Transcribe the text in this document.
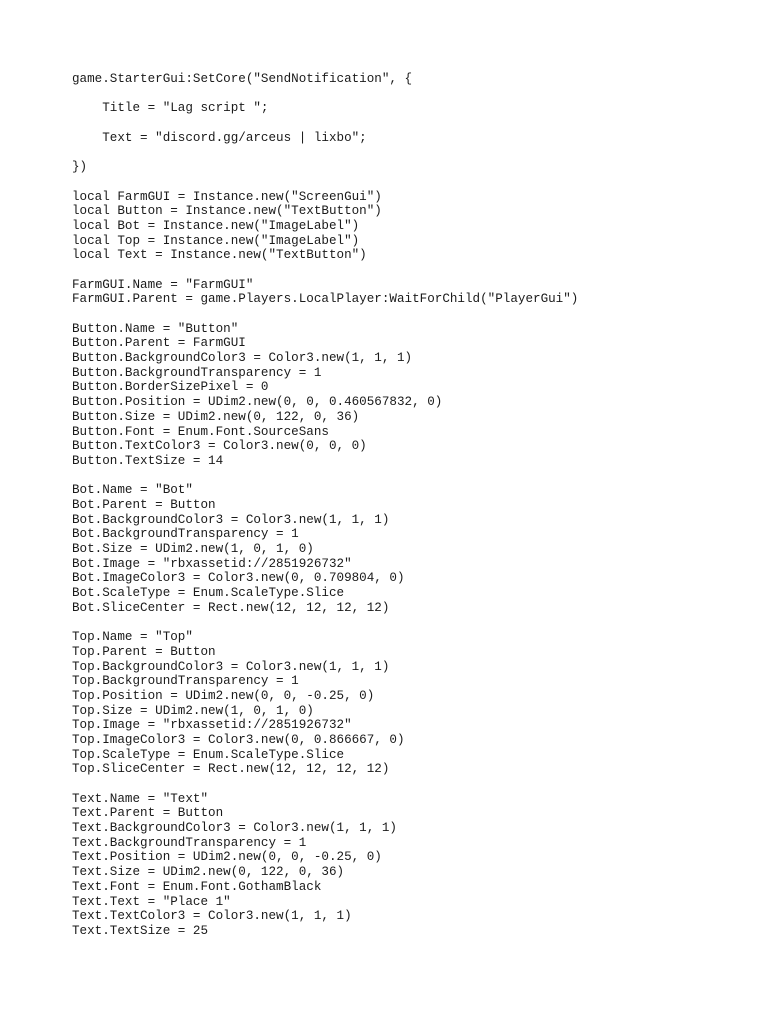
game.StarterGui:SetCore("SendNotification", {
Title = "Lag script ";
Text = "discord.gg/arceus | lixbo";
})
local FarmGUI = Instance.new("ScreenGui")
local Button = Instance.new("TextButton")
local Bot = Instance.new("ImageLabel")
local Top = Instance.new("ImageLabel")
local Text = Instance.new("TextButton")
FarmGUI.Name = "FarmGUI"
FarmGUI.Parent = game.Players.LocalPlayer:WaitForChild("PlayerGui")
Button.Name = "Button"
Button.Parent = FarmGUI
Button.BackgroundColor3 = Color3.new(1, 1, 1)
Button.BackgroundTransparency = 1
Button.BorderSizePixel = 0
Button.Position = UDim2.new(0, 0, 0.460567832, 0)
Button.Size = UDim2.new(0, 122, 0, 36)
Button.Font = Enum.Font.SourceSans
Button.TextColor3 = Color3.new(0, 0, 0)
Button.TextSize = 14
Bot.Name = "Bot"
Bot.Parent = Button
Bot.BackgroundColor3 = Color3.new(1, 1, 1)
Bot.BackgroundTransparency = 1
Bot.Size = UDim2.new(1, 0, 1, 0)
Bot.Image = "rbxassetid://2851926732"
Bot.ImageColor3 = Color3.new(0, 0.709804, 0)
Bot.ScaleType = Enum.ScaleType.Slice
Bot.SliceCenter = Rect.new(12, 12, 12, 12)
Top.Name = "Top"
Top.Parent = Button
Top.BackgroundColor3 = Color3.new(1, 1, 1)
Top.BackgroundTransparency = 1
Top.Position = UDim2.new(0, 0, -0.25, 0)
Top.Size = UDim2.new(1, 0, 1, 0)
Top.Image = "rbxassetid://2851926732"
Top.ImageColor3 = Color3.new(0, 0.866667, 0)
Top.ScaleType = Enum.ScaleType.Slice
Top.SliceCenter = Rect.new(12, 12, 12, 12)
Text.Name = "Text"
Text.Parent = Button
Text.BackgroundColor3 = Color3.new(1, 1, 1)
Text.BackgroundTransparency = 1
Text.Position = UDim2.new(0, 0, -0.25, 0)
Text.Size = UDim2.new(0, 122, 0, 36)
Text.Font = Enum.Font.GothamBlack
Text.Text = "Place 1"
Text.TextColor3 = Color3.new(1, 1, 1)
Text.TextSize = 25
